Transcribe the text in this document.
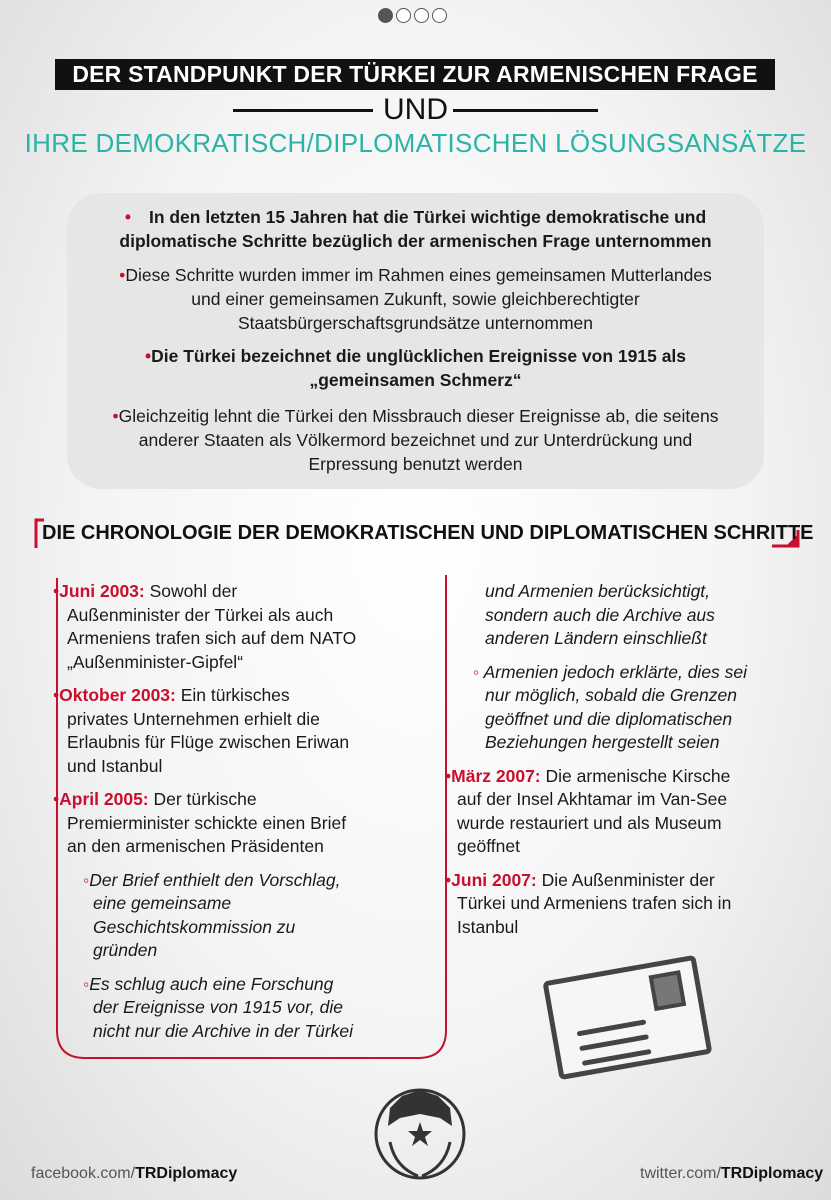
DER STANDPUNKT DER TÜRKEI ZUR ARMENISCHEN FRAGE
UND
IHRE DEMOKRATISCH/DIPLOMATISCHEN LÖSUNGSANSÄTZE

• In den letzten 15 Jahren hat die Türkei wichtige demokratische und

diplomatische Schritte bezüglich der armenischen Frage unternommen

•Diese Schritte wurden immer im Rahmen eines gemeinsamen Mutterlandes

und einer gemeinsamen Zukunft, sowie gleichberechtigter

Staatsbürgerschaftsgrundsätze unternommen

•Die Türkei bezeichnet die unglücklichen Ereignisse von 1915 als

„gemeinsamen Schmerz“

•Gleichzeitig lehnt die Türkei den Missbrauch dieser Ereignisse ab, die seitens

anderer Staaten als Völkermord bezeichnet und zur Unterdrückung und

Erpressung benutzt werden

DIE CHRONOLOGIE DER DEMOKRATISCHEN UND DIPLOMATISCHEN SCHRITTE
•Juni 2003: Sowohl der
Außenminister der Türkei als auch
Armeniens trafen sich auf dem NATO
„Außenminister-Gipfel“
•Oktober 2003: Ein türkisches
privates Unternehmen erhielt die
Erlaubnis für Flüge zwischen Eriwan
und Istanbul
•April 2005: Der türkische
Premierminister schickte einen Brief
an den armenischen Präsidenten
◦Der Brief enthielt den Vorschlag,
eine gemeinsame
Geschichtskommission zu
gründen
◦Es schlug auch eine Forschung
der Ereignisse von 1915 vor, die
nicht nur die Archive in der Türkei
und Armenien berücksichtigt,
sondern auch die Archive aus
anderen Ländern einschließt
◦ Armenien jedoch erklärte, dies sei
nur möglich, sobald die Grenzen
geöffnet und die diplomatischen
Beziehungen hergestellt seien
•März 2007: Die armenische Kirsche
auf der Insel Akhtamar im Van-See
wurde restauriert und als Museum
geöffnet
•Juni 2007: Die Außenminister der
Türkei und Armeniens trafen sich in
Istanbul
facebook.com/TRDiplomacy	twitter.com/TRDiplomacy
